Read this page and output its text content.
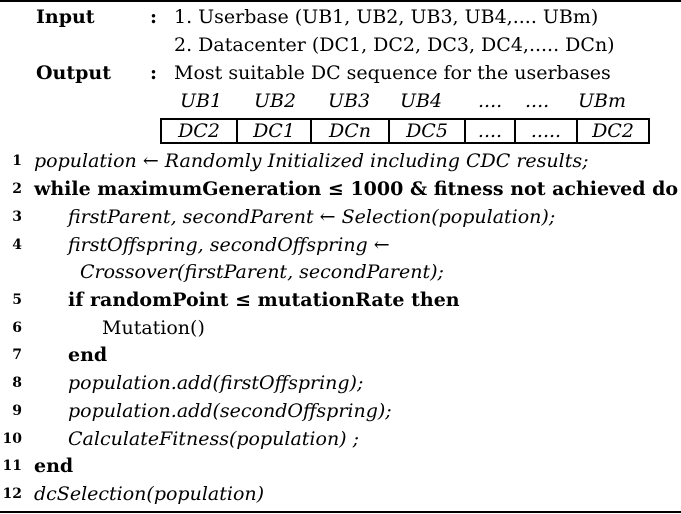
Input	: 1. Userbase (UB1, UB2, UB3, UB4,.... UBm)
2. Datacenter (DC1, DC2, DC3, DC4,..... DCn)
Output : Most suitable DC sequence for the userbases
UB1 UB2 UB3 UB4 .... .... UBm
DC2	DC1	DCn	DC5	....	.....	DC2
1 population ← Randomly Initialized including CDC results;
2 while maximumGeneration ≤ 1000 & fitness not achieved do
3 firstParent, secondParent ← Selection(population);
4 firstOffspring, secondOffspring ←
Crossover(firstParent, secondParent);
5 if randomPoint ≤ mutationRate then
6	Mutation()
7 end
8 population.add(firstOffspring);
9 population.add(secondOffspring);
10 CalculateFitness(population) ;
11 end
12 dcSelection(population)
